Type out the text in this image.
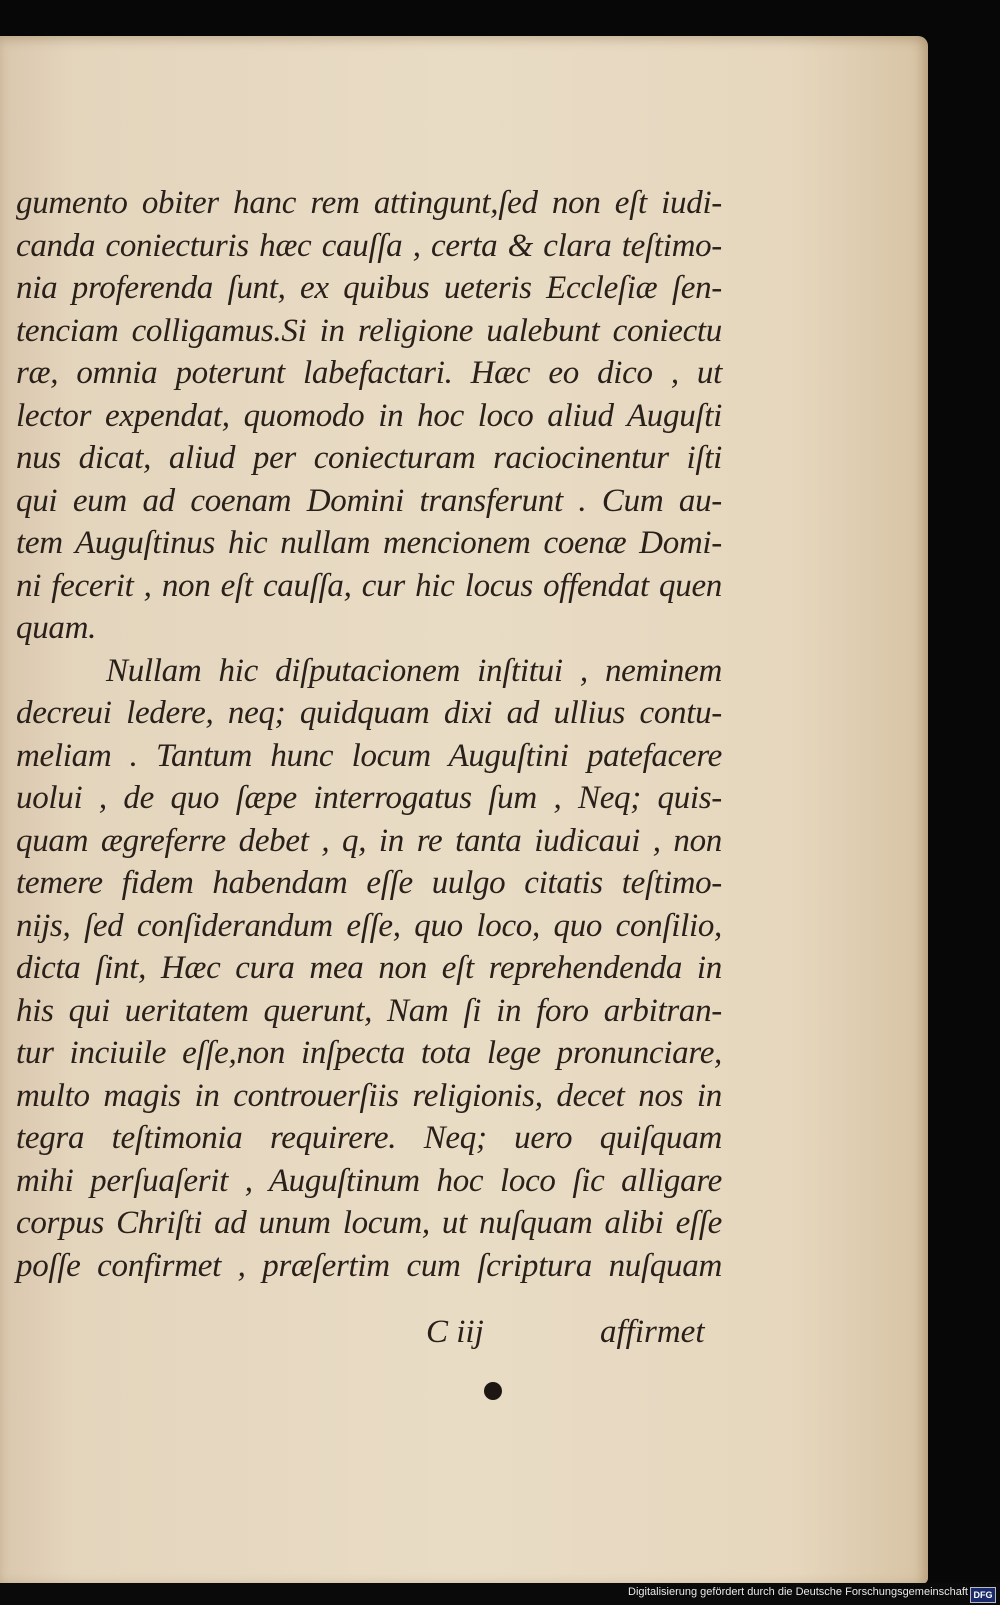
gumento obiter hanc rem attingunt,ſed non eſt iudi-
canda coniecturis hæc cauſſa , certa & clara teſtimo-
nia proferenda ſunt, ex quibus ueteris Eccleſiæ ſen-
tenciam colligamus.Si in religione ualebunt coniectu
ræ, omnia poterunt labefactari. Hæc eo dico , ut
lector expendat, quomodo in hoc loco aliud Auguſti
nus dicat, aliud per coniecturam raciocinentur iſti
qui eum ad coenam Domini transferunt . Cum au-
tem Auguſtinus hic nullam mencionem coenæ Domi-
ni fecerit , non eſt cauſſa, cur hic locus offendat quen
quam.
Nullam hic diſputacionem inſtitui , neminem
decreui ledere, neq; quidquam dixi ad ullius contu-
meliam . Tantum hunc locum Auguſtini patefacere
uolui , de quo ſæpe interrogatus ſum , Neq; quis-
quam ægreferre debet , q, in re tanta iudicaui , non
temere fidem habendam eſſe uulgo citatis teſtimo-
nijs, ſed conſiderandum eſſe, quo loco, quo conſilio,
dicta ſint, Hæc cura mea non eſt reprehendenda in
his qui ueritatem querunt, Nam ſi in foro arbitran-
tur inciuile eſſe,non inſpecta tota lege pronunciare,
multo magis in controuerſiis religionis, decet nos in
tegra teſtimonia requirere. Neq; uero quiſquam
mihi perſuaſerit , Auguſtinum hoc loco ſic alligare
corpus Chriſti ad unum locum, ut nuſquam alibi eſſe
poſſe confirmet , præſertim cum ſcriptura nuſquam
C iij	affirmet
Digitalisierung gefördert durch die Deutsche Forschungsgemeinschaft DFG
